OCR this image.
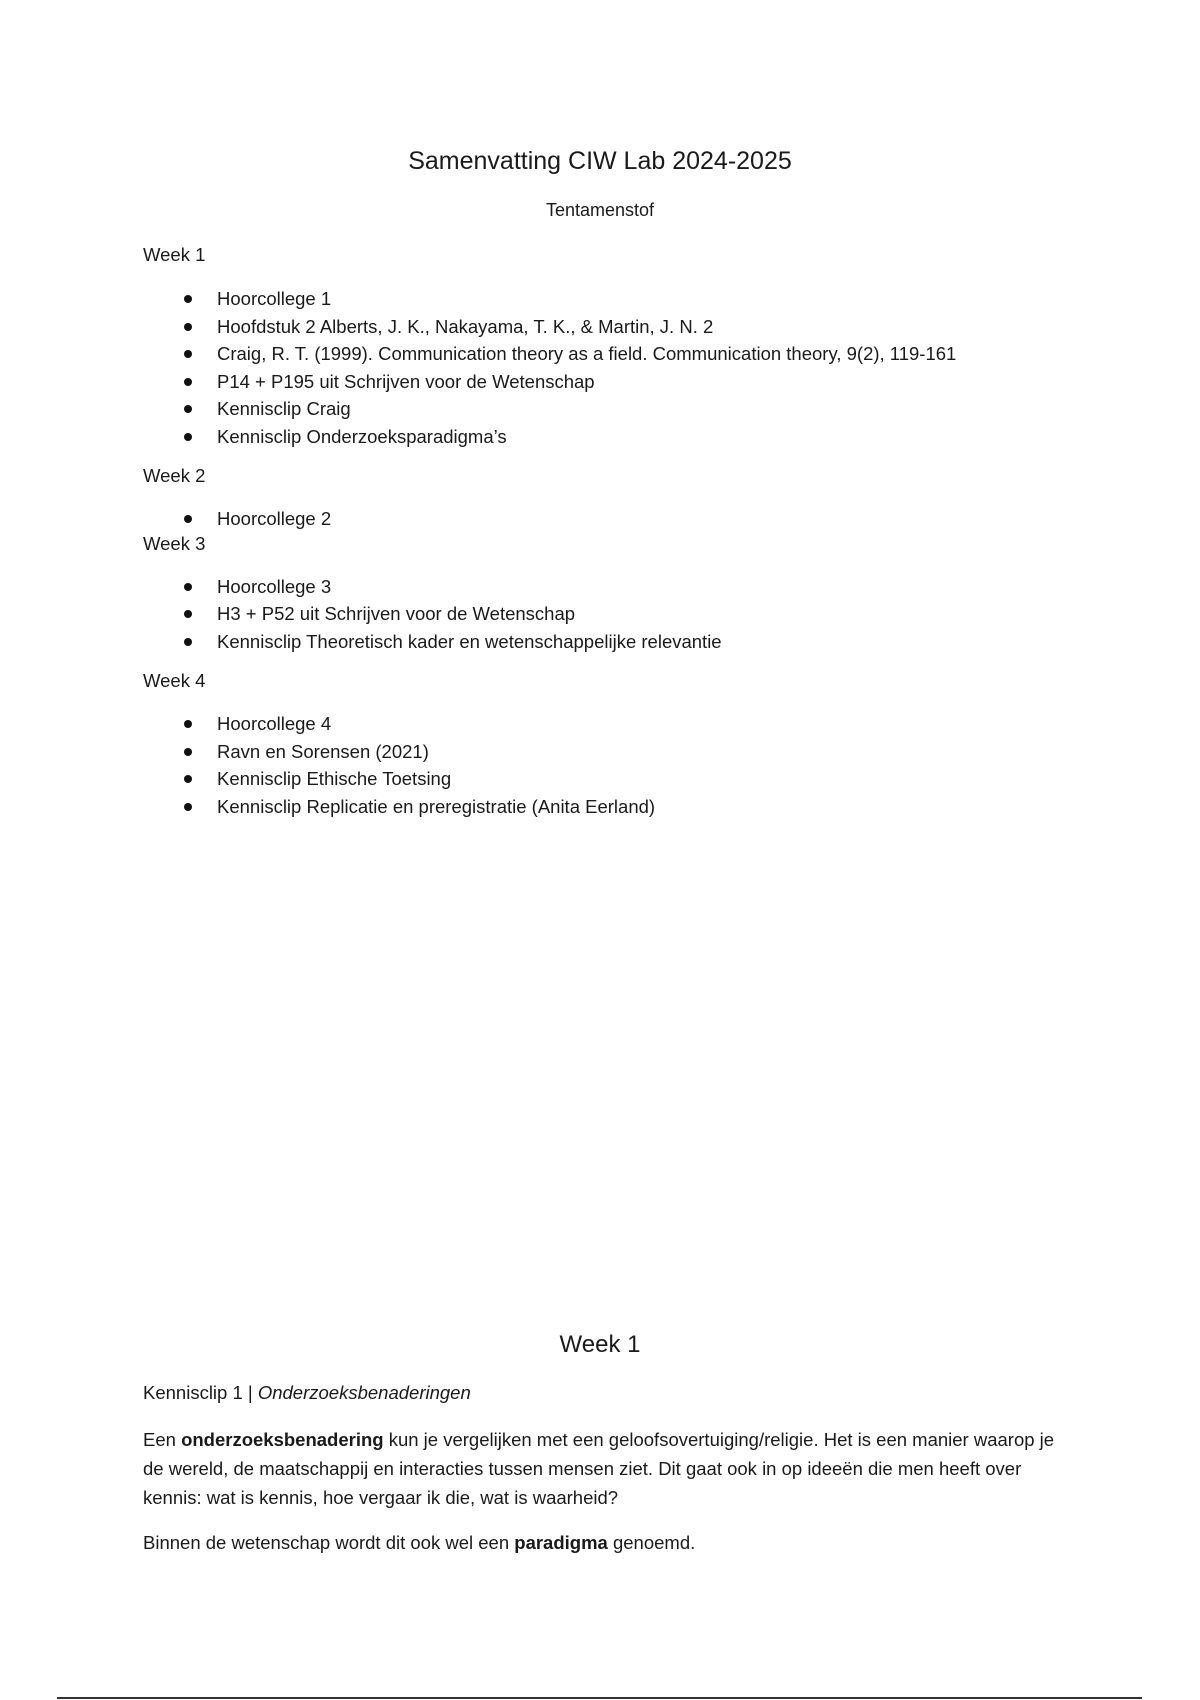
Samenvatting CIW Lab 2024-2025
Tentamenstof

Week 1

Hoorcollege 1
Hoofdstuk 2 Alberts, J. K., Nakayama, T. K., & Martin, J. N. 2
Craig, R. T. (1999). Communication theory as a field. Communication theory, 9(2), 119-161
P14 + P195 uit Schrijven voor de Wetenschap
Kennisclip Craig
Kennisclip Onderzoeksparadigma’s

Week 2

Hoorcollege 2

Week 3

Hoorcollege 3
H3 + P52 uit Schrijven voor de Wetenschap
Kennisclip Theoretisch kader en wetenschappelijke relevantie

Week 4

Hoorcollege 4
Ravn en Sorensen (2021)
Kennisclip Ethische Toetsing
Kennisclip Replicatie en preregistratie (Anita Eerland)
Week 1
Kennisclip 1 | Onderzoeksbenaderingen

Een onderzoeksbenadering kun je vergelijken met een geloofsovertuiging/religie. Het is een manier waarop je de wereld, de maatschappij en interacties tussen mensen ziet. Dit gaat ook in op ideeën die men heeft over kennis: wat is kennis, hoe vergaar ik die, wat is waarheid?

Binnen de wetenschap wordt dit ook wel een paradigma genoemd.
